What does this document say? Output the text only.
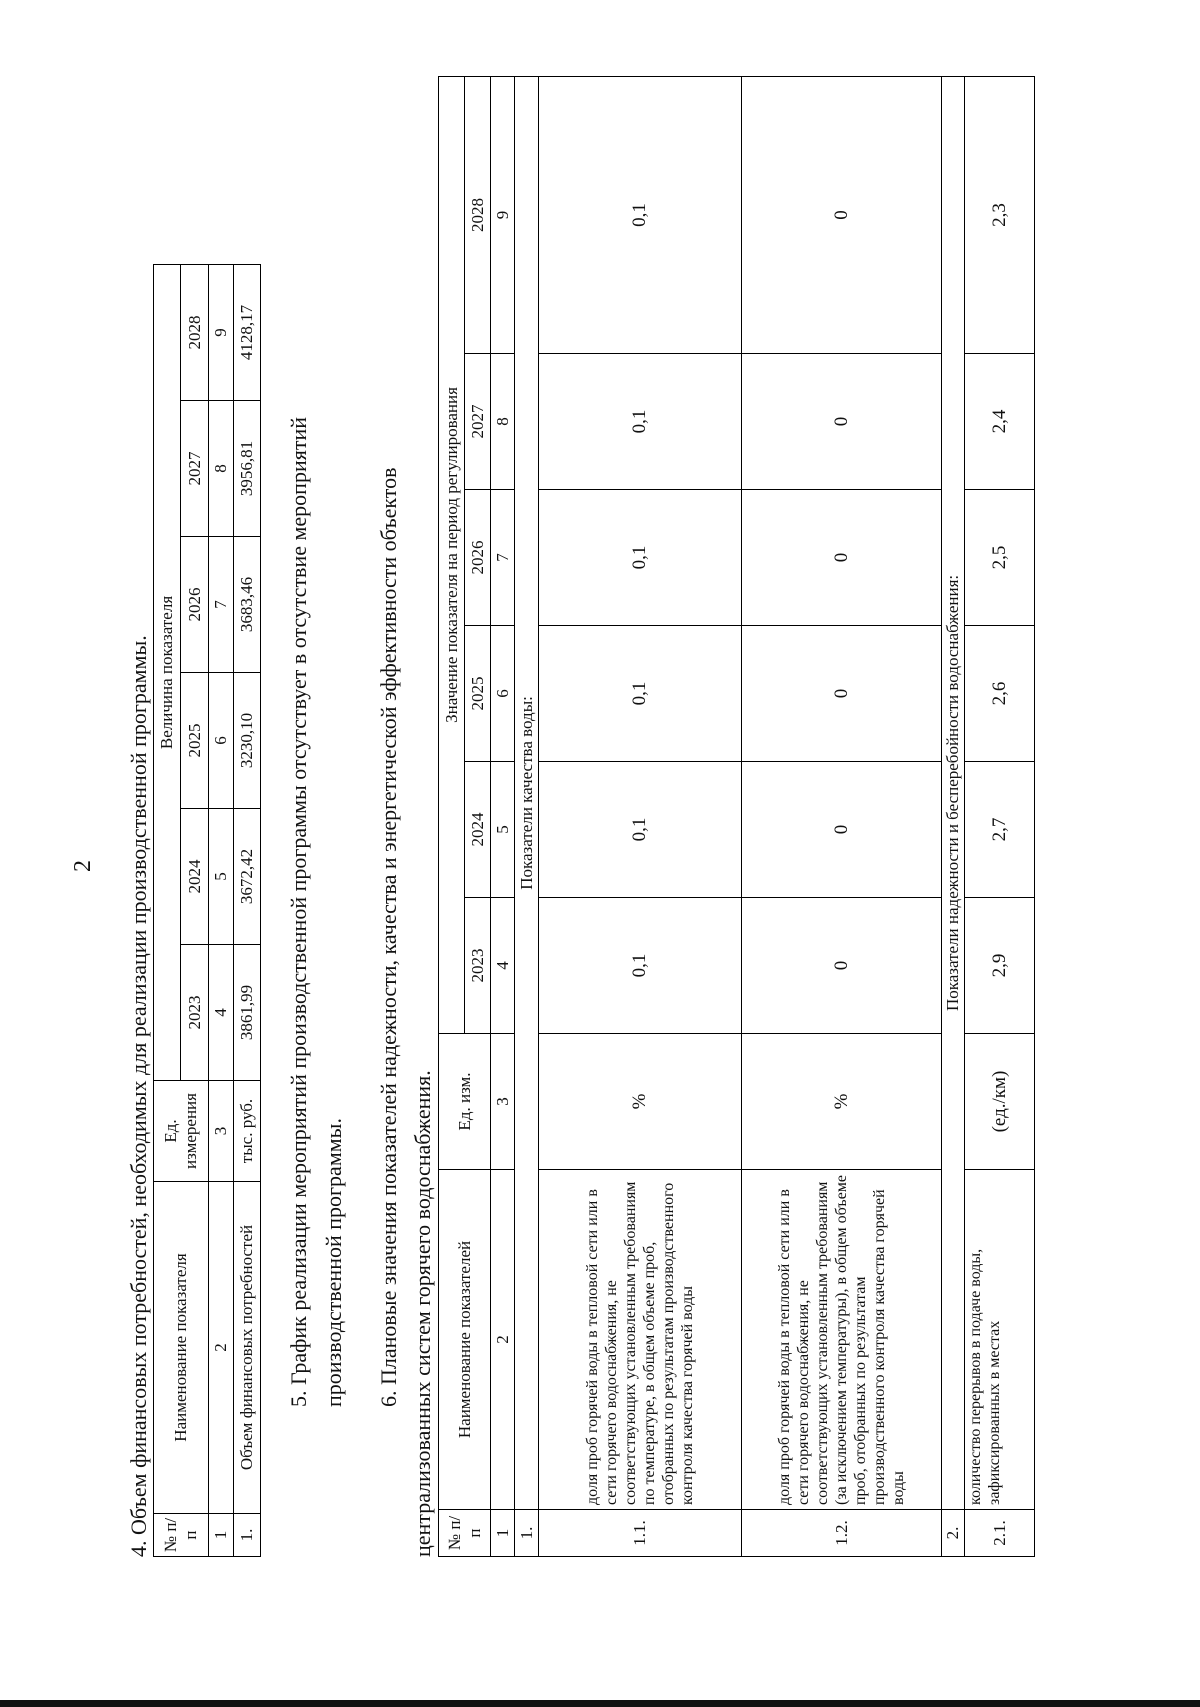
2 4. Объем финансовых потребностей, необходимых для реализации производственной программы. № п/п	Наименование показателя	Ед. измерения	Величина показателя					
			2023	2024	2025	2026	2027	2028
1	2	3	4	5	6	7	8	9
1.	Объем финансовых потребностей	тыс. руб.	3861,99	3672,42	3230,10	3683,46	3956,81	4128,17
5. График реализации мероприятий производственной программы отсутствует в отсутствие мероприятий производственной программы. 6. Плановые значения показателей надежности, качества и энергетической эффективности объектов централизованных систем горячего водоснабжения. № п/п	Наименование показателей	Ед. изм.	Значение показателя на период регулирования					
			2023	2024	2025	2026	2027	2028
1	2	3	4	5	6	7	8	9
1.	Показатели качества воды:							
1.1.	доля проб горячей воды в тепловой сети или в сети горячего водоснабжения, не соответствующих установленным требованиям по температуре, в общем объеме проб, отобранных по результатам производственного контроля качества горячей воды	%	0,1	0,1	0,1	0,1	0,1	0,1
1.2.	доля проб горячей воды в тепловой сети или в сети горячего водоснабжения, не соответствующих установленным требованиям (за исключением температуры), в общем объеме проб, отобранных по результатам производственного контроля качества горячей воды	%	0	0	0	0	0	0
2.	Показатели надежности и бесперебойности водоснабжения:							
2.1.	количество перерывов в подаче воды, зафиксированных в местах	(ед./км)	2,9	2,7	2,6	2,5	2,4	2,3
